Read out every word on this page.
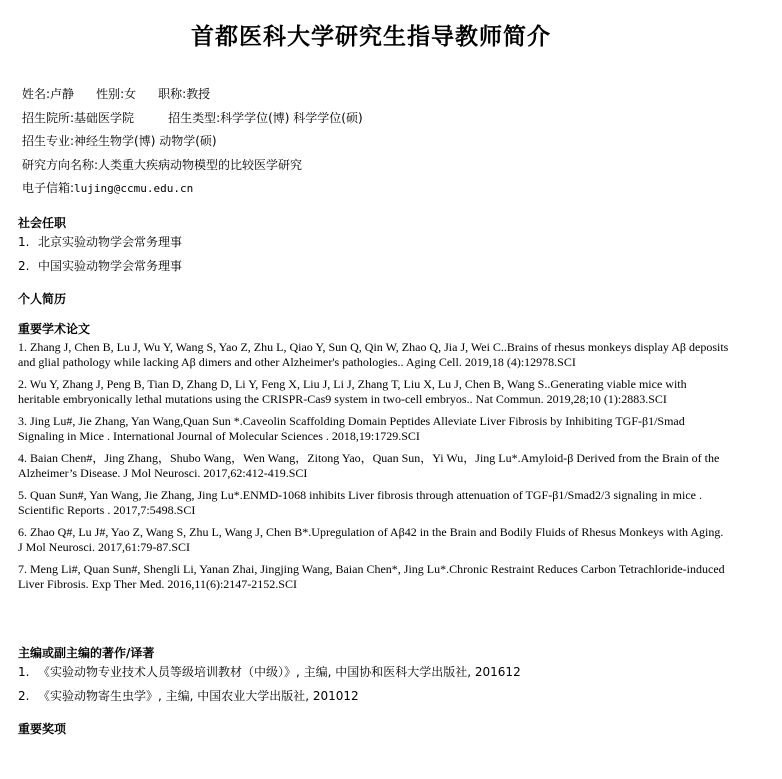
首都医科大学研究生指导教师简介
姓名:卢静 性别:女 职称:教授
招生院所:基础医学院	招生类型:科学学位(博) 科学学位(硕)
招生专业:神经生物学(博) 动物学(硕)
研究方向名称:人类重大疾病动物模型的比较医学研究
电子信箱:lujing@ccmu.edu.cn
社会任职
1. 北京实验动物学会常务理事
2. 中国实验动物学会常务理事
个人简历
重要学术论文
1. Zhang J, Chen B, Lu J, Wu Y, Wang S, Yao Z, Zhu L, Qiao Y, Sun Q, Qin W, Zhao Q, Jia J, Wei C..Brains of rhesus monkeys display Aβ deposits and glial pathology while lacking Aβ dimers and other Alzheimer's pathologies.. Aging Cell. 2019,18 (4):12978.SCI
2. Wu Y, Zhang J, Peng B, Tian D, Zhang D, Li Y, Feng X, Liu J, Li J, Zhang T, Liu X, Lu J, Chen B, Wang S..Generating viable mice with heritable embryonically lethal mutations using the CRISPR-Cas9 system in two-cell embryos.. Nat Commun. 2019,28;10 (1):2883.SCI
3. Jing Lu#, Jie Zhang, Yan Wang,Quan Sun *.Caveolin Scaffolding Domain Peptides Alleviate Liver Fibrosis by Inhibiting TGF-β1/Smad Signaling in Mice . International Journal of Molecular Sciences . 2018,19:1729.SCI
4. Baian Chen#，Jing Zhang，Shubo Wang，Wen Wang，Zitong Yao，Quan Sun，Yi Wu，Jing Lu*.Amyloid-β Derived from the Brain of the Alzheimer’s Disease. J Mol Neurosci. 2017,62:412-419.SCI
5. Quan Sun#, Yan Wang, Jie Zhang, Jing Lu*.ENMD-1068 inhibits Liver fibrosis through attenuation of TGF-β1/Smad2/3 signaling in mice . Scientific Reports . 2017,7:5498.SCI
6. Zhao Q#, Lu J#, Yao Z, Wang S, Zhu L, Wang J, Chen B*.Upregulation of Aβ42 in the Brain and Bodily Fluids of Rhesus Monkeys with Aging. J Mol Neurosci. 2017,61:79-87.SCI
7. Meng Li#, Quan Sun#, Shengli Li, Yanan Zhai, Jingjing Wang, Baian Chen*, Jing Lu*.Chronic Restraint Reduces Carbon Tetrachloride-induced Liver Fibrosis. Exp Ther Med. 2016,11(6):2147-2152.SCI
主编或副主编的著作/译著
1. 《实验动物专业技术人员等级培训教材（中级）》, 主编, 中国协和医科大学出版社, 201612
2. 《实验动物寄生虫学》, 主编, 中国农业大学出版社, 201012
重要奖项
